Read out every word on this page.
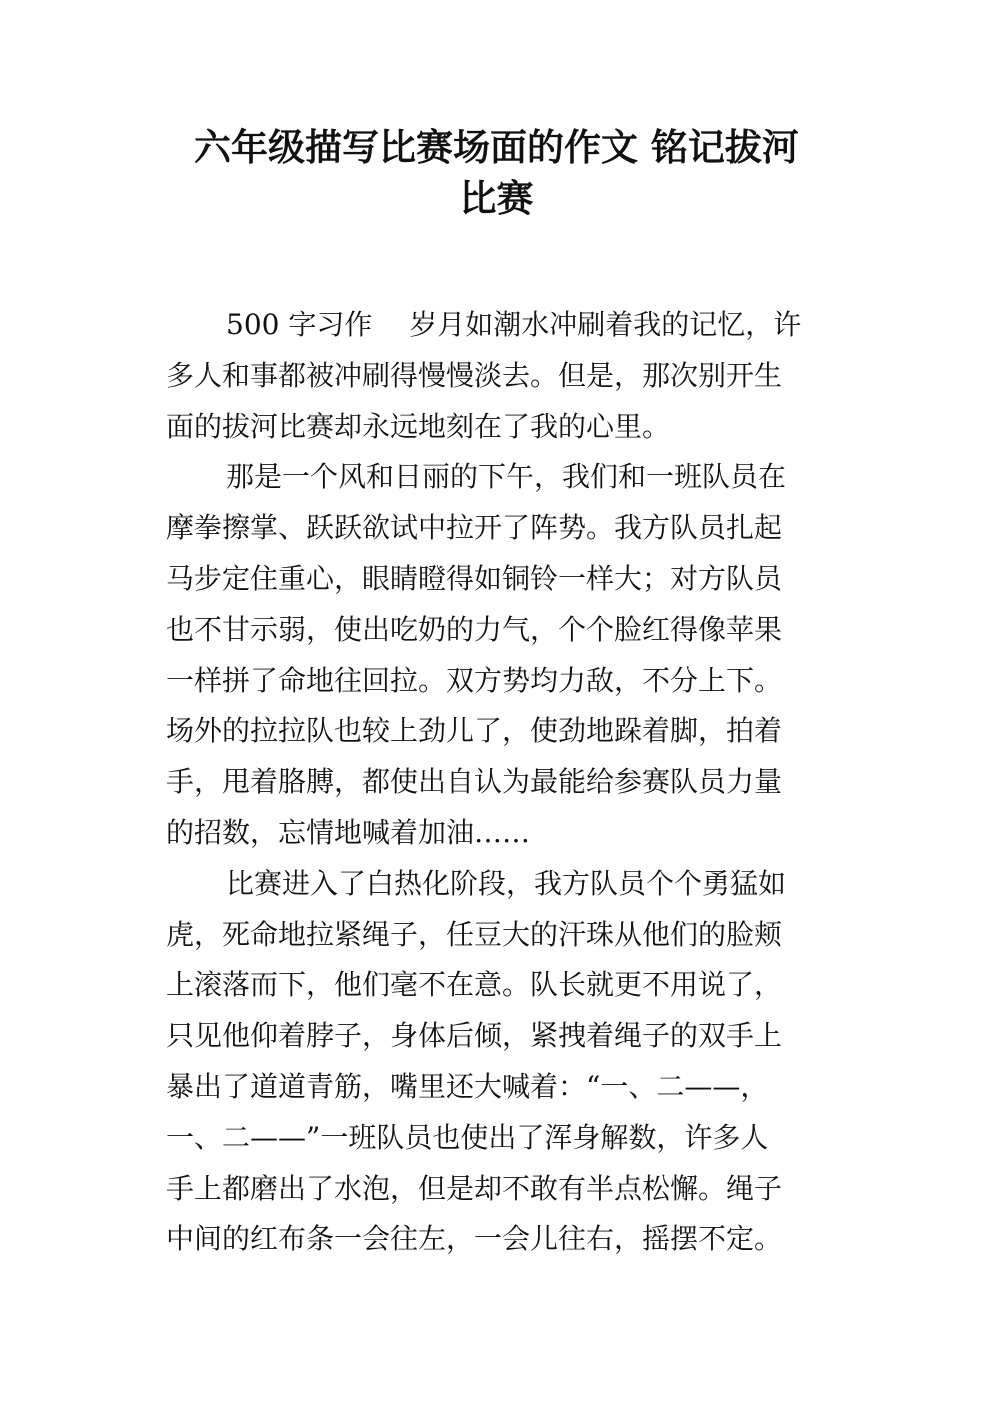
六年级描写比赛场面的作文 铭记拔河
比赛
500 字习作　 岁月如潮水冲刷着我的记忆，许
多人和事都被冲刷得慢慢淡去。但是，那次别开生
面的拔河比赛却永远地刻在了我的心里。
那是一个风和日丽的下午，我们和一班队员在
摩拳擦掌、跃跃欲试中拉开了阵势。我方队员扎起
马步定住重心，眼睛瞪得如铜铃一样大；对方队员
也不甘示弱，使出吃奶的力气，个个脸红得像苹果
一样拼了命地往回拉。双方势均力敌，不分上下。
场外的拉拉队也较上劲儿了，使劲地跺着脚，拍着
手，甩着胳膊，都使出自认为最能给参赛队员力量
的招数，忘情地喊着加油……
比赛进入了白热化阶段，我方队员个个勇猛如
虎，死命地拉紧绳子，任豆大的汗珠从他们的脸颊
上滚落而下，他们毫不在意。队长就更不用说了，
只见他仰着脖子，身体后倾，紧拽着绳子的双手上
暴出了道道青筋，嘴里还大喊着：“一、二——，
一、二——”一班队员也使出了浑身解数，许多人
手上都磨出了水泡，但是却不敢有半点松懈。绳子
中间的红布条一会往左，一会儿往右，摇摆不定。
